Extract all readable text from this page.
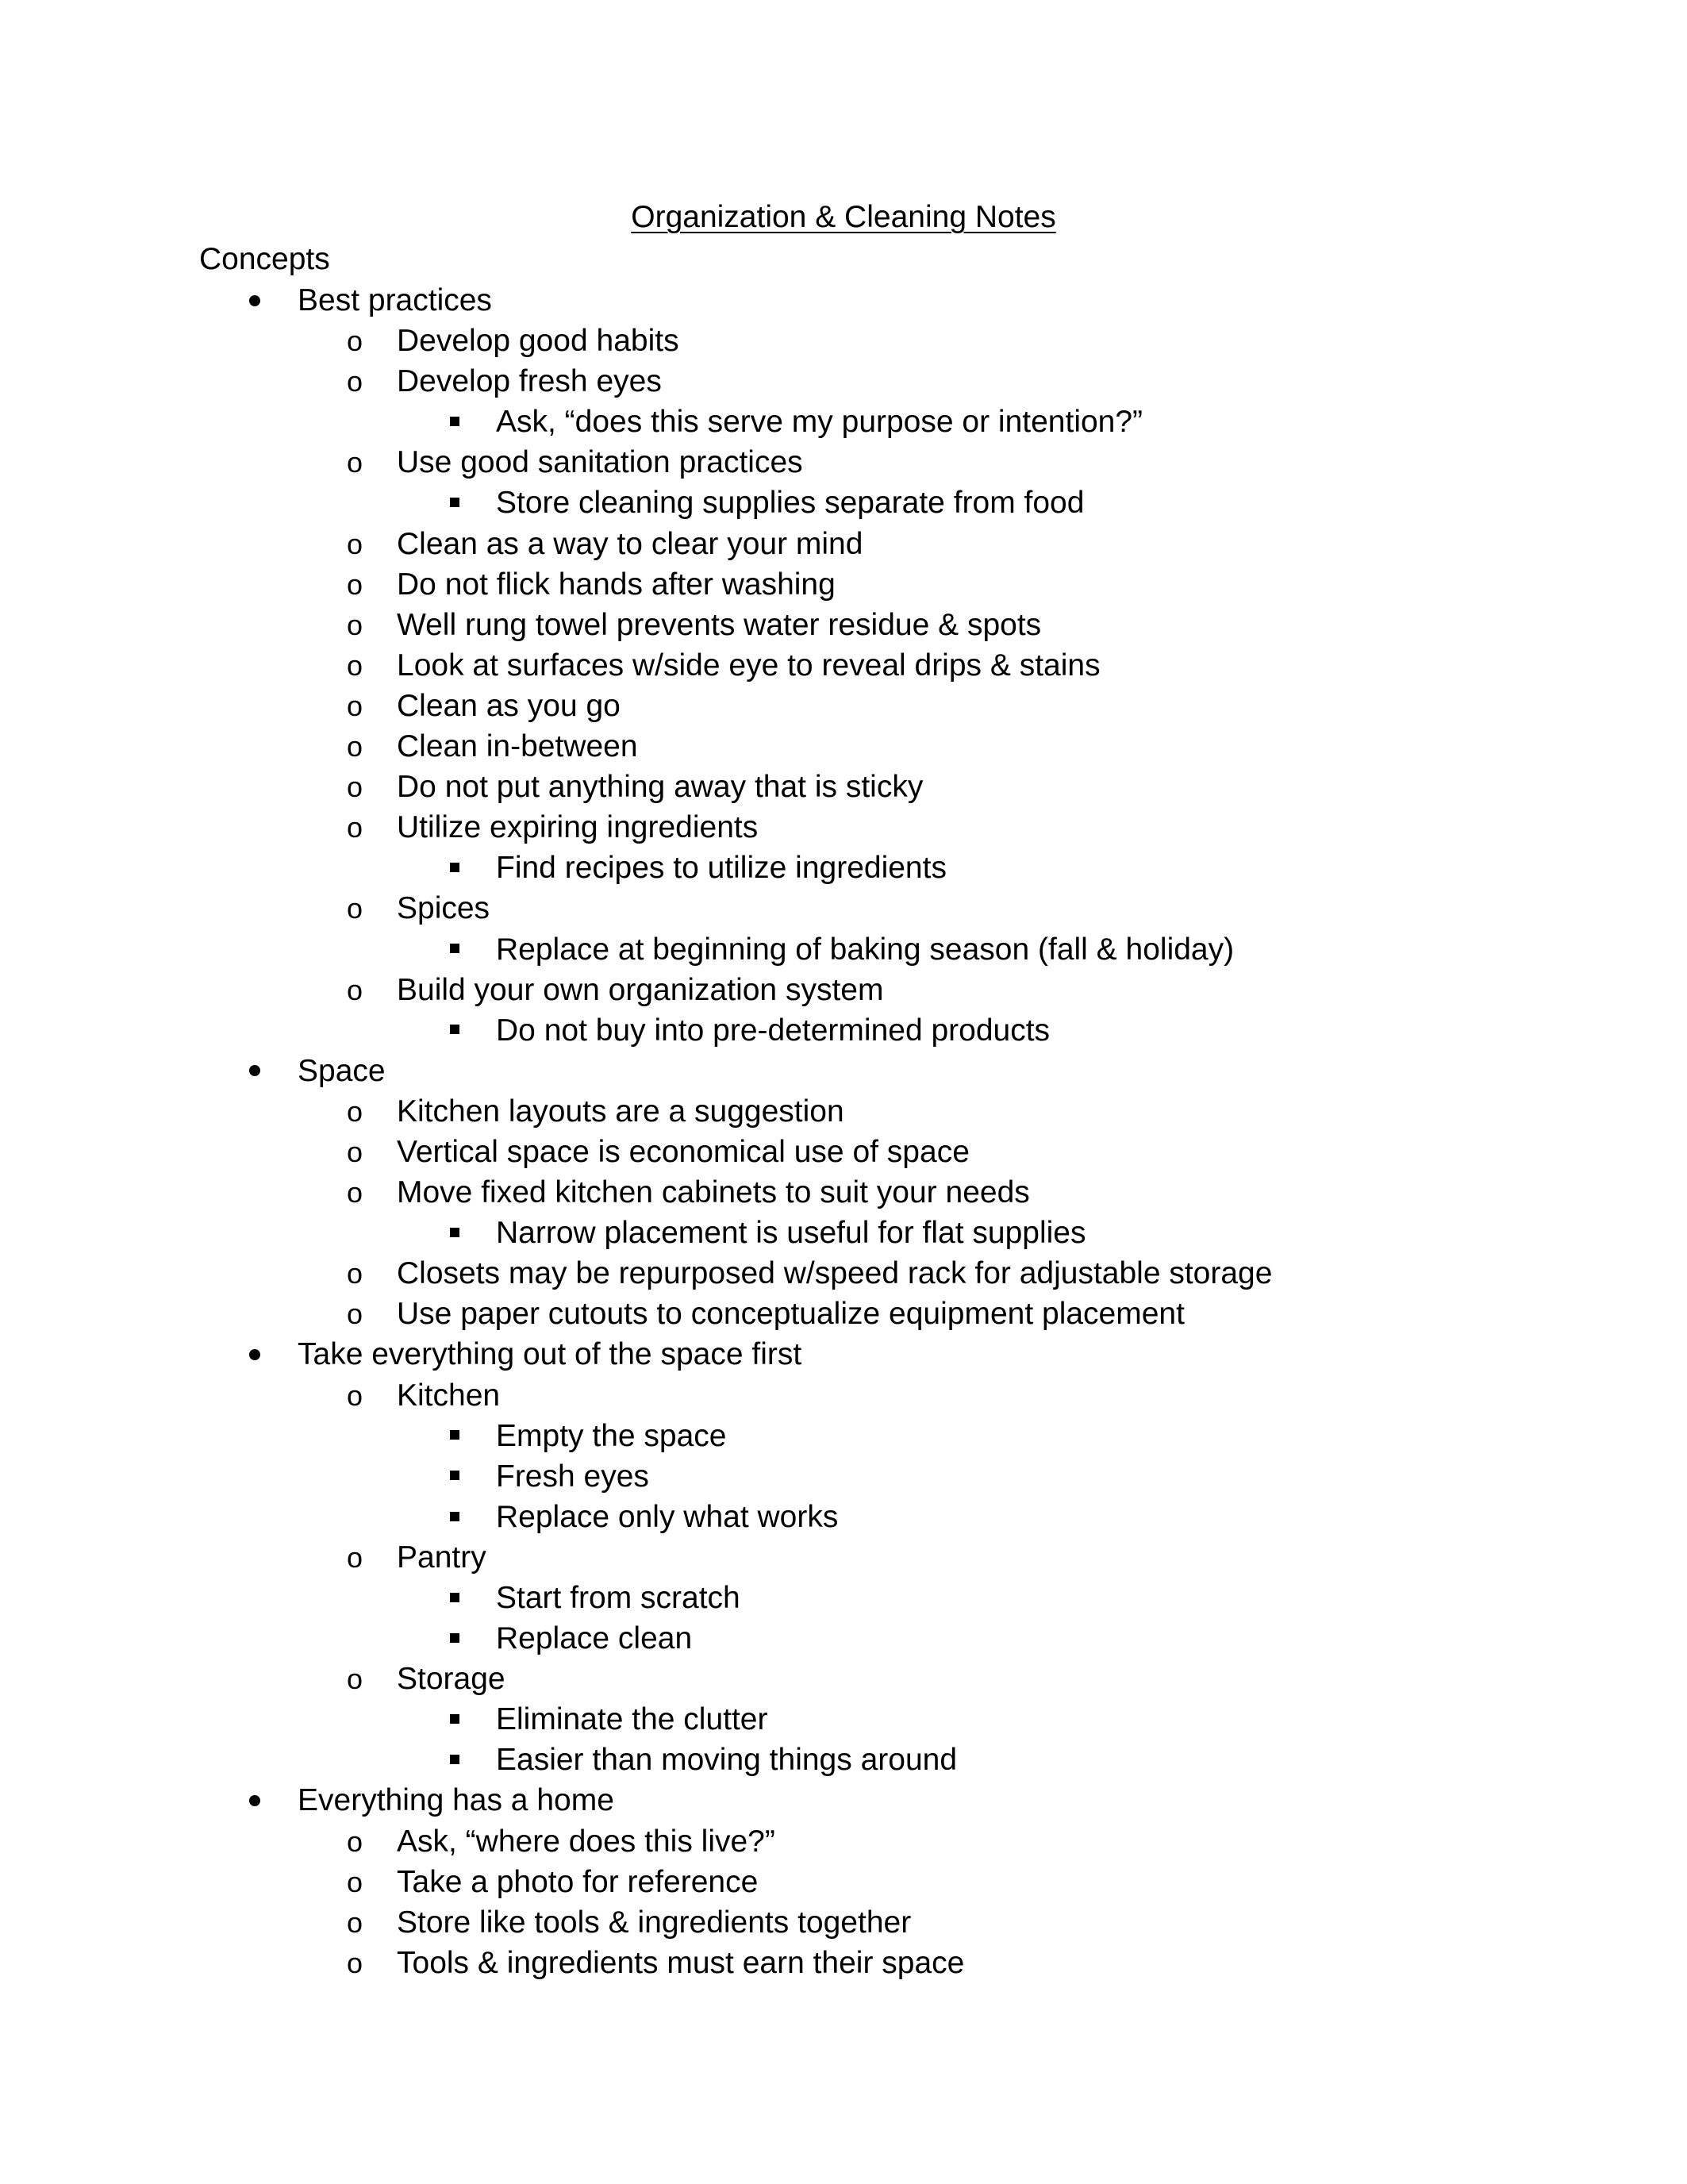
Organization & Cleaning Notes
Concepts
Best practices
o Develop good habits
o Develop fresh eyes
Ask, “does this serve my purpose or intention?”
o Use good sanitation practices
Store cleaning supplies separate from food
o Clean as a way to clear your mind
o Do not flick hands after washing
o Well rung towel prevents water residue & spots
o Look at surfaces w/side eye to reveal drips & stains
o Clean as you go
o Clean in-between
o Do not put anything away that is sticky
o Utilize expiring ingredients
Find recipes to utilize ingredients
o Spices
Replace at beginning of baking season (fall & holiday)
o Build your own organization system
Do not buy into pre-determined products
Space
o Kitchen layouts are a suggestion
o Vertical space is economical use of space
o Move fixed kitchen cabinets to suit your needs
Narrow placement is useful for flat supplies
o Closets may be repurposed w/speed rack for adjustable storage
o Use paper cutouts to conceptualize equipment placement
Take everything out of the space first
o Kitchen
Empty the space
Fresh eyes
Replace only what works
o Pantry
Start from scratch
Replace clean
o Storage
Eliminate the clutter
Easier than moving things around
Everything has a home
o Ask, “where does this live?”
o Take a photo for reference
o Store like tools & ingredients together
o Tools & ingredients must earn their space
